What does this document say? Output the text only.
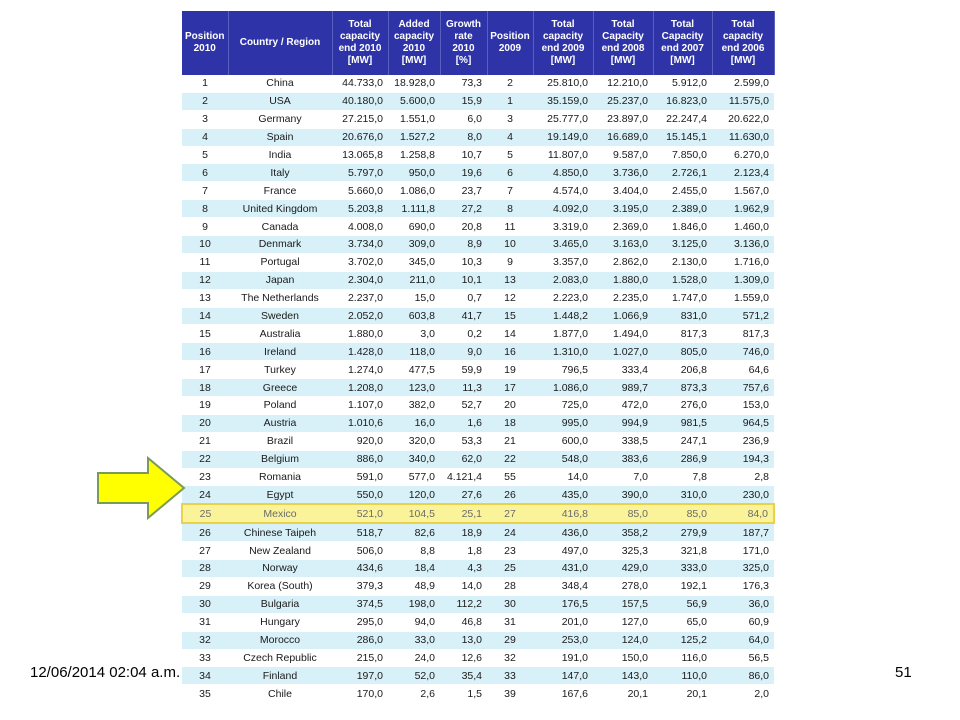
Position
2010	Country / Region	Total
capacity
end 2010
[MW]	Added
capacity
2010
[MW]	Growth
rate
2010
[%]	Position
2009	Total
capacity
end 2009
[MW]	Total
Capacity
end 2008
[MW]	Total
Capacity
end 2007
[MW]	Total
capacity
end 2006
[MW]
1	China	44.733,0	18.928,0	73,3	2	25.810,0	12.210,0	5.912,0	2.599,0
2	USA	40.180,0	5.600,0	15,9	1	35.159,0	25.237,0	16.823,0	11.575,0
3	Germany	27.215,0	1.551,0	6,0	3	25.777,0	23.897,0	22.247,4	20.622,0
4	Spain	20.676,0	1.527,2	8,0	4	19.149,0	16.689,0	15.145,1	11.630,0
5	India	13.065,8	1.258,8	10,7	5	11.807,0	9.587,0	7.850,0	6.270,0
6	Italy	5.797,0	950,0	19,6	6	4.850,0	3.736,0	2.726,1	2.123,4
7	France	5.660,0	1.086,0	23,7	7	4.574,0	3.404,0	2.455,0	1.567,0
8	United Kingdom	5.203,8	1.111,8	27,2	8	4.092,0	3.195,0	2.389,0	1.962,9
9	Canada	4.008,0	690,0	20,8	11	3.319,0	2.369,0	1.846,0	1.460,0
10	Denmark	3.734,0	309,0	8,9	10	3.465,0	3.163,0	3.125,0	3.136,0
11	Portugal	3.702,0	345,0	10,3	9	3.357,0	2.862,0	2.130,0	1.716,0
12	Japan	2.304,0	211,0	10,1	13	2.083,0	1.880,0	1.528,0	1.309,0
13	The Netherlands	2.237,0	15,0	0,7	12	2.223,0	2.235,0	1.747,0	1.559,0
14	Sweden	2.052,0	603,8	41,7	15	1.448,2	1.066,9	831,0	571,2
15	Australia	1.880,0	3,0	0,2	14	1.877,0	1.494,0	817,3	817,3
16	Ireland	1.428,0	118,0	9,0	16	1.310,0	1.027,0	805,0	746,0
17	Turkey	1.274,0	477,5	59,9	19	796,5	333,4	206,8	64,6
18	Greece	1.208,0	123,0	11,3	17	1.086,0	989,7	873,3	757,6
19	Poland	1.107,0	382,0	52,7	20	725,0	472,0	276,0	153,0
20	Austria	1.010,6	16,0	1,6	18	995,0	994,9	981,5	964,5
21	Brazil	920,0	320,0	53,3	21	600,0	338,5	247,1	236,9
22	Belgium	886,0	340,0	62,0	22	548,0	383,6	286,9	194,3
23	Romania	591,0	577,0	4.121,4	55	14,0	7,0	7,8	2,8
24	Egypt	550,0	120,0	27,6	26	435,0	390,0	310,0	230,0
25	Mexico	521,0	104,5	25,1	27	416,8	85,0	85,0	84,0
26	Chinese Taipeh	518,7	82,6	18,9	24	436,0	358,2	279,9	187,7
27	New Zealand	506,0	8,8	1,8	23	497,0	325,3	321,8	171,0
28	Norway	434,6	18,4	4,3	25	431,0	429,0	333,0	325,0
29	Korea (South)	379,3	48,9	14,0	28	348,4	278,0	192,1	176,3
30	Bulgaria	374,5	198,0	112,2	30	176,5	157,5	56,9	36,0
31	Hungary	295,0	94,0	46,8	31	201,0	127,0	65,0	60,9
32	Morocco	286,0	33,0	13,0	29	253,0	124,0	125,2	64,0
33	Czech Republic	215,0	24,0	12,6	32	191,0	150,0	116,0	56,5
34	Finland	197,0	52,0	35,4	33	147,0	143,0	110,0	86,0
35	Chile	170,0	2,6	1,5	39	167,6	20,1	20,1	2,0
12/06/2014 02:04 a.m.	51
